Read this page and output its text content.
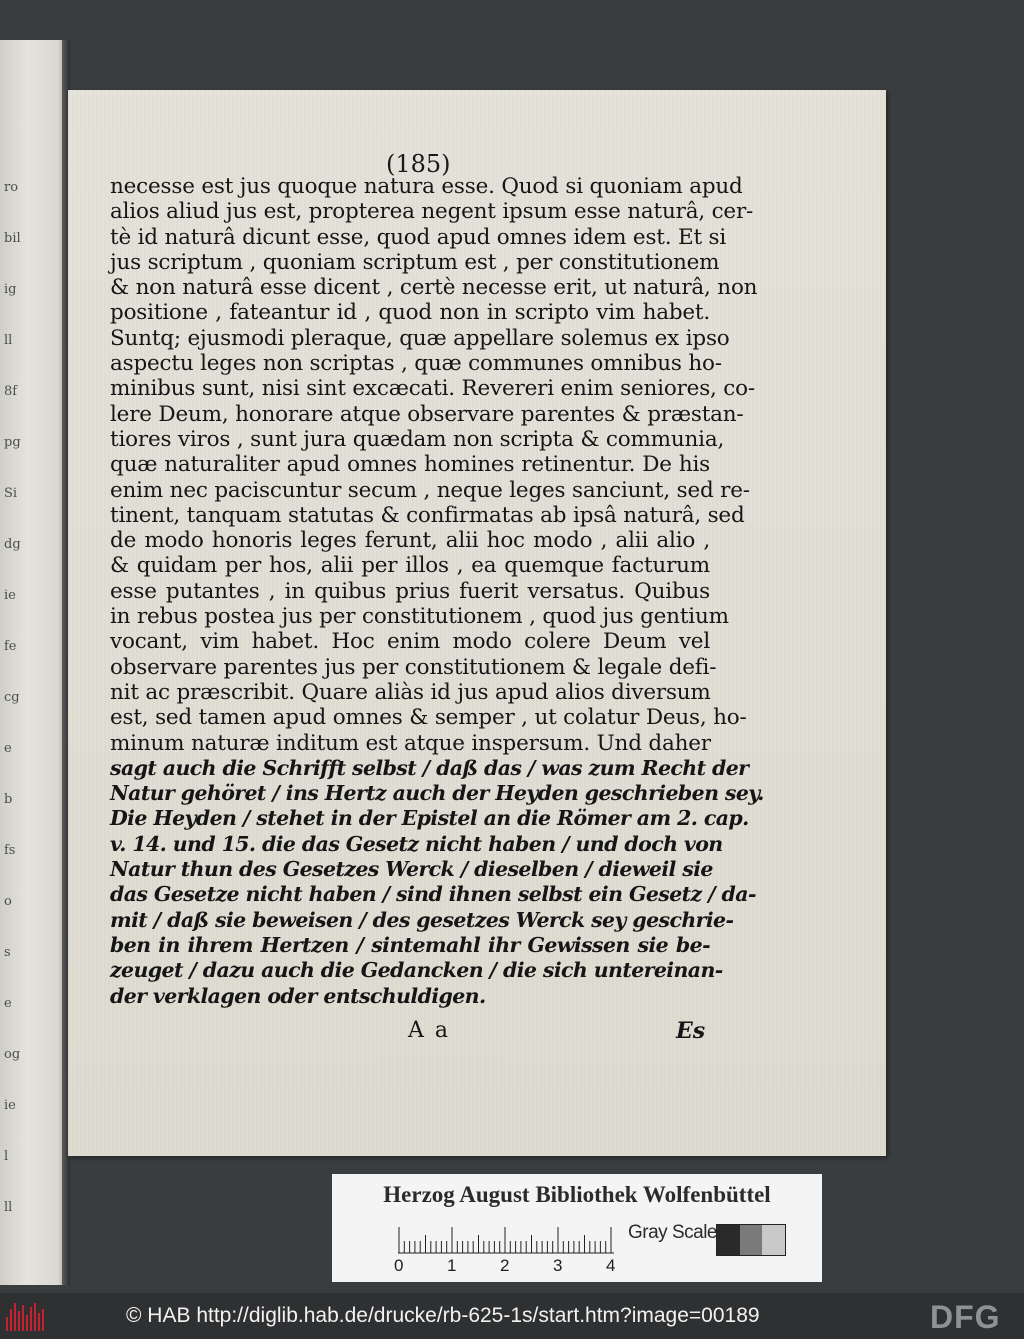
ro
bil
ig
ll
8f
pg
Si
dg
ie
fe
cg
e
b
fs
o
s
e
og
ie
l
ll
(185)
necesse est jus quoque natura esse. Quod si quoniam apud
alios aliud jus est, propterea negent ipsum esse naturâ, cer-
tè id naturâ dicunt esse, quod apud omnes idem est. Et si
jus scriptum , quoniam scriptum est , per constitutionem
& non naturâ esse dicent , certè necesse erit, ut naturâ, non
positione , fateantur id , quod non in scripto vim habet.
Suntq; ejusmodi pleraque, quæ appellare solemus ex ipso
aspectu leges non scriptas , quæ communes omnibus ho-
minibus sunt, nisi sint excæcati. Revereri enim seniores, co-
lere Deum, honorare atque observare parentes & præstan-
tiores viros , sunt jura quædam non scripta & communia,
quæ naturaliter apud omnes homines retinentur. De his
enim nec paciscuntur secum , neque leges sanciunt, sed re-
tinent, tanquam statutas & confirmatas ab ipsâ naturâ, sed
de modo honoris leges ferunt, alii hoc modo , alii alio ,
& quidam per hos, alii per illos , ea quemque facturum
esse putantes , in quibus prius fuerit versatus. Quibus
in rebus postea jus per constitutionem , quod jus gentium
vocant, vim habet. Hoc enim modo colere Deum vel
observare parentes jus per constitutionem & legale defi-
nit ac præscribit. Quare aliàs id jus apud alios diversum
est, sed tamen apud omnes & semper , ut colatur Deus, ho-
minum naturæ inditum est atque inspersum. Und daher
sagt auch die Schrifft selbst / daß das / was zum Recht der
Natur gehöret / ins Hertz auch der Heyden geschrieben sey.
Die Heyden / stehet in der Epistel an die Römer am 2. cap.
v. 14. und 15. die das Gesetz nicht haben / und doch von
Natur thun des Gesetzes Werck / dieselben / dieweil sie
das Gesetze nicht haben / sind ihnen selbst ein Gesetz / da-
mit / daß sie beweisen / des gesetzes Werck sey geschrie-
ben in ihrem Hertzen / sintemahl ihr Gewissen sie be-
zeuget / dazu auch die Gedancken / die sich untereinan-
der verklagen oder entschuldigen.
A a	Es
Herzog August Bibliothek Wolfenbüttel
Gray Scale
0	1	2	3	4
© HAB http://diglib.hab.de/drucke/rb-625-1s/start.htm?image=00189	DFG
